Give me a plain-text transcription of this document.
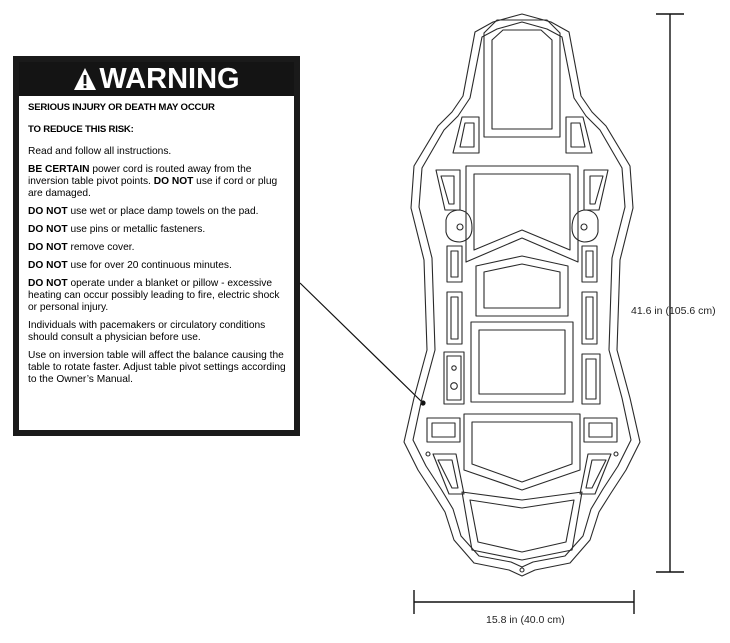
WARNING

SERIOUS INJURY OR DEATH MAY OCCUR

TO REDUCE THIS RISK:

Read and follow all instructions.

BE CERTAIN power cord is routed away from the inversion table pivot points. DO NOT use if cord or plug are damaged.

DO NOT use wet or place damp towels on the pad.

DO NOT use pins or metallic fasteners.

DO NOT remove cover.

DO NOT use for over 20 continuous minutes.

DO NOT operate under a blanket or pillow - excessive heating can occur possibly leading to fire, electric shock or personal injury.

Individuals with pacemakers or circulatory conditions should consult a physician before use.

Use on inversion table will affect the balance causing the table to rotate faster. Adjust table pivot settings according to the Owner’s Manual.

41.6 in (105.6 cm)
15.8 in (40.0 cm)
